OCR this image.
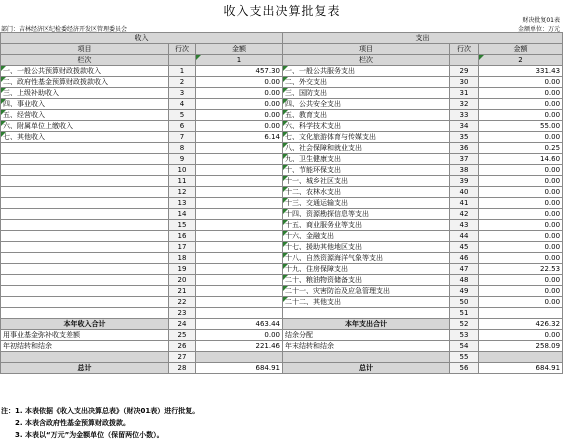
收入支出决算批复表
财决批复01表
部门：吉林经济区纪检委经济开发区管理委员会	金额单位：万元
收入			支出		
项目	行次	金额	项目	行次	金额
栏次		1	栏次		2
一、一般公共预算财政拨款收入	1	457.30	一、一般公共服务支出	29	331.43
二、政府性基金预算财政拨款收入	2	0.00	二、外交支出	30	0.00
三、上级补助收入	3	0.00	三、国防支出	31	0.00
四、事业收入	4	0.00	四、公共安全支出	32	0.00
五、经营收入	5	0.00	五、教育支出	33	0.00
六、附属单位上缴收入	6	0.00	六、科学技术支出	34	55.00
七、其他收入	7	6.14	七、文化旅游体育与传媒支出	35	0.00
	8		八、社会保障和就业支出	36	0.25
	9		九、卫生健康支出	37	14.60
	10		十、节能环保支出	38	0.00
	11		十一、城乡社区支出	39	0.00
	12		十二、农林水支出	40	0.00
	13		十三、交通运输支出	41	0.00
	14		十四、资源勘探信息等支出	42	0.00
	15		十五、商业服务业等支出	43	0.00
	16		十六、金融支出	44	0.00
	17		十七、援助其他地区支出	45	0.00
	18		十八、自然资源海洋气象等支出	46	0.00
	19		十九、住房保障支出	47	22.53
	20		二十、粮油物资储备支出	48	0.00
	21		二十一、灾害防治及应急管理支出	49	0.00
	22		二十二、其他支出	50	0.00
	23			51	
本年收入合计	24	463.44	本年支出合计	52	426.32
用事业基金弥补收支差额	25	0.00	结余分配	53	0.00
年初结转和结余	26	221.46	年末结转和结余	54	258.09
	27			55	
总计	28	684.91	总计	56	684.91
注：1. 本表依据《收入支出决算总表》（财决01表）进行批复。
2. 本表含政府性基金预算财政拨款。
3. 本表以“万元”为金额单位（保留两位小数）。
